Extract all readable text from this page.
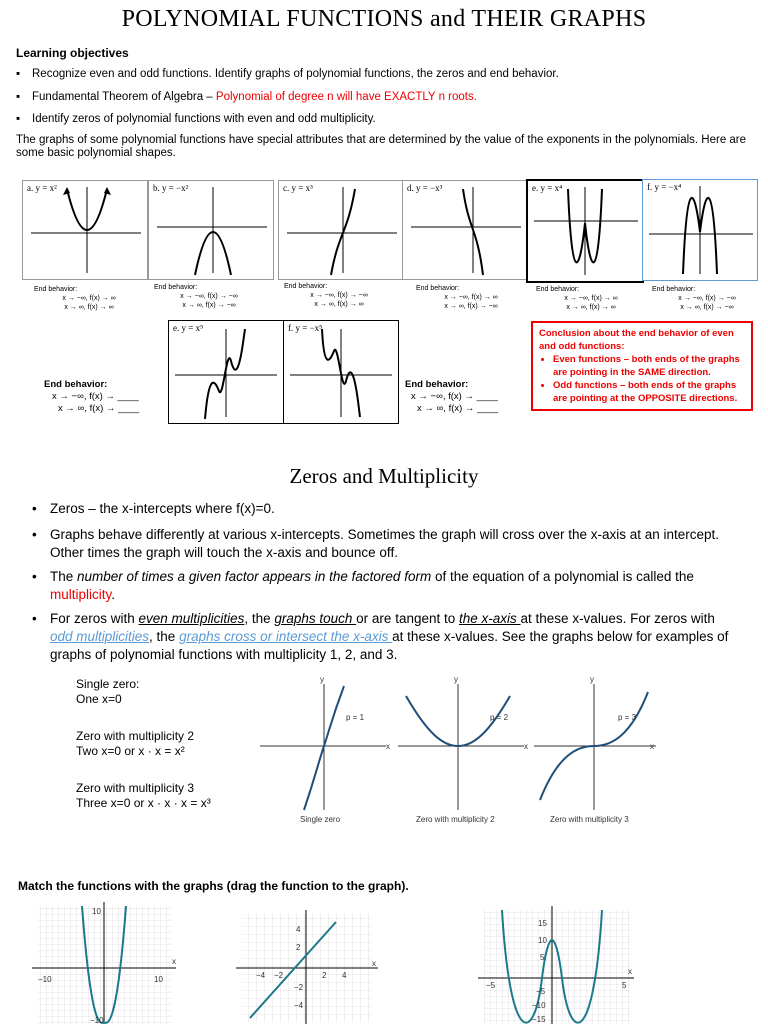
POLYNOMIAL FUNCTIONS and THEIR GRAPHS
Learning objectives
▪ Recognize even and odd functions. Identify graphs of polynomial functions, the zeros and end behavior.
▪ Fundamental Theorem of Algebra – Polynomial of degree n will have EXACTLY n roots.
▪ Identify zeros of polynomial functions with even and odd multiplicity.
The graphs of some polynomial functions have special attributes that are determined by the value of the exponents in the polynomials. Here are some basic polynomial shapes.
a. y = x²	b. y = −x²	c. y = x³	d. y = −x³	e. y = x⁴	f. y = −x⁴
End behavior:
x → −∞, f(x) → ∞
x → ∞, f(x) → ∞
End behavior:
x → −∞, f(x) → −∞
x → ∞, f(x) → −∞
End behavior:
x → −∞, f(x) → −∞
x → ∞, f(x) → ∞
End behavior:
x → −∞, f(x) → ∞
x → ∞, f(x) → −∞
End behavior:
x → −∞, f(x) → ∞
x → ∞, f(x) → ∞
End behavior:
x → −∞, f(x) → −∞
x → ∞, f(x) → −∞
e. y = x⁵	f. y = −x⁵
End behavior:
x → −∞, f(x) → ____
x → ∞, f(x) → ____
End behavior:
x → −∞, f(x) → ____
x → ∞, f(x) → ____
Conclusion about the end behavior of even and odd functions:
• Even functions – both ends of the graphs are pointing in the SAME direction.
• Odd functions – both ends of the graphs are pointing at the OPPOSITE directions.
Zeros and Multiplicity
• Zeros – the x-intercepts where f(x)=0.
• Graphs behave differently at various x-intercepts. Sometimes the graph will cross over the x-axis at an intercept. Other times the graph will touch the x-axis and bounce off.
• The number of times a given factor appears in the factored form of the equation of a polynomial is called the multiplicity.
• For zeros with even multiplicities, the graphs touch or are tangent to the x-axis at these x-values. For zeros with odd multiplicities, the graphs cross or intersect the x-axis at these x-values. See the graphs below for examples of graphs of polynomial functions with multiplicity 1, 2, and 3.
Single zero:
One x=0
Zero with multiplicity 2
Two x=0 or x · x = x²
Zero with multiplicity 3
Three x=0 or x · x · x = x³
p = 1	p = 2	p = 3
Single zero	Zero with multiplicity 2	Zero with multiplicity 3
x	x	x
y	y	y
Match the functions with the graphs (drag the function to the graph).
10
−10	10
−10
x
4
2
−2
−4
−4 −2	2 4
x
15
10
5
−5
−10
−15
−5	5
x
